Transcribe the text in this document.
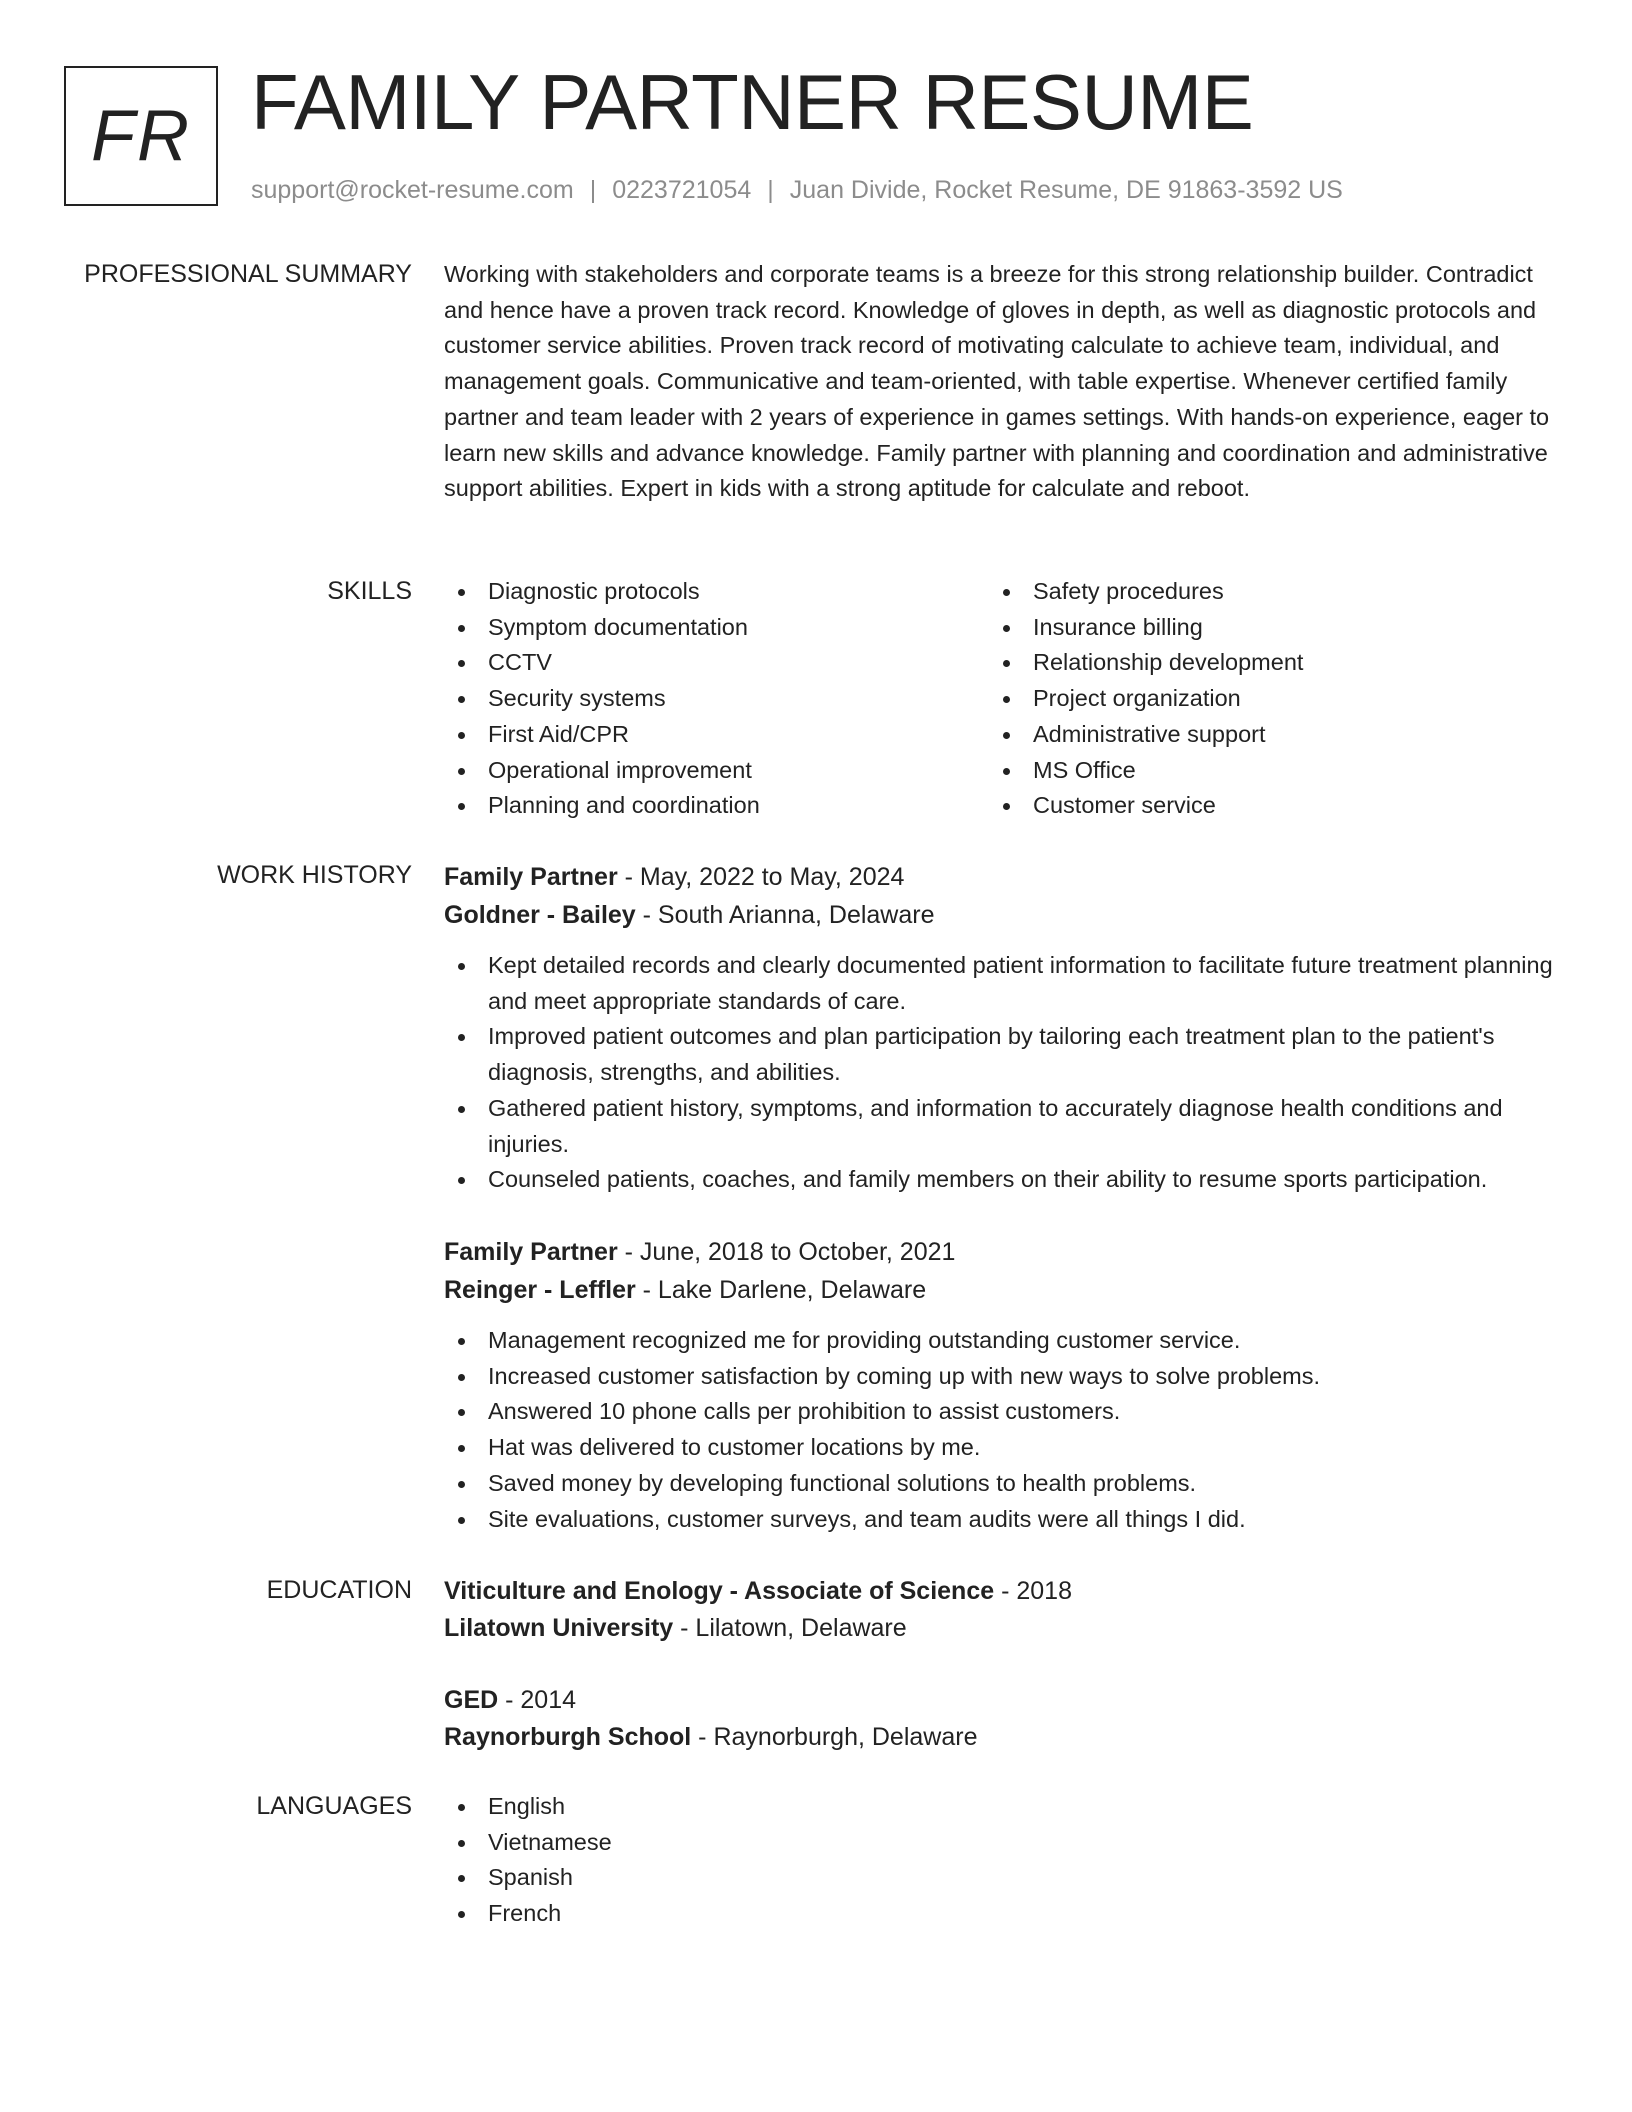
FR FAMILY PARTNER RESUME
support@rocket-resume.com | 0223721054 | Juan Divide, Rocket Resume, DE 91863-3592 US
PROFESSIONAL SUMMARY Working with stakeholders and corporate teams is a breeze for this strong relationship builder. Contradict and hence have a proven track record. Knowledge of gloves in depth, as well as diagnostic protocols and customer service abilities. Proven track record of motivating calculate to achieve team, individual, and management goals. Communicative and team-oriented, with table expertise. Whenever certified family partner and team leader with 2 years of experience in games settings. With hands-on experience, eager to learn new skills and advance knowledge. Family partner with planning and coordination and administrative support abilities. Expert in kids with a strong aptitude for calculate and reboot.

SKILLS	Diagnostic protocols
Symptom documentation
CCTV
Security systems
First Aid/CPR
Operational improvement
Planning and coordination
Safety procedures
Insurance billing
Relationship development
Project organization
Administrative support
MS Office
Customer service
WORK HISTORY Family Partner - May, 2022 to May, 2024
Goldner - Bailey - South Arianna, Delaware
Kept detailed records and clearly documented patient information to facilitate future treatment planning and meet appropriate standards of care.
Improved patient outcomes and plan participation by tailoring each treatment plan to the patient's diagnosis, strengths, and abilities.
Gathered patient history, symptoms, and information to accurately diagnose health conditions and injuries.
Counseled patients, coaches, and family members on their ability to resume sports participation.
Family Partner - June, 2018 to October, 2021
Reinger - Leffler - Lake Darlene, Delaware
Management recognized me for providing outstanding customer service.
Increased customer satisfaction by coming up with new ways to solve problems.
Answered 10 phone calls per prohibition to assist customers.
Hat was delivered to customer locations by me.
Saved money by developing functional solutions to health problems.
Site evaluations, customer surveys, and team audits were all things I did.
EDUCATION Viticulture and Enology - Associate of Science - 2018
Lilatown University - Lilatown, Delaware
GED - 2014
Raynorburgh School - Raynorburgh, Delaware
LANGUAGES	English
Vietnamese
Spanish
French
